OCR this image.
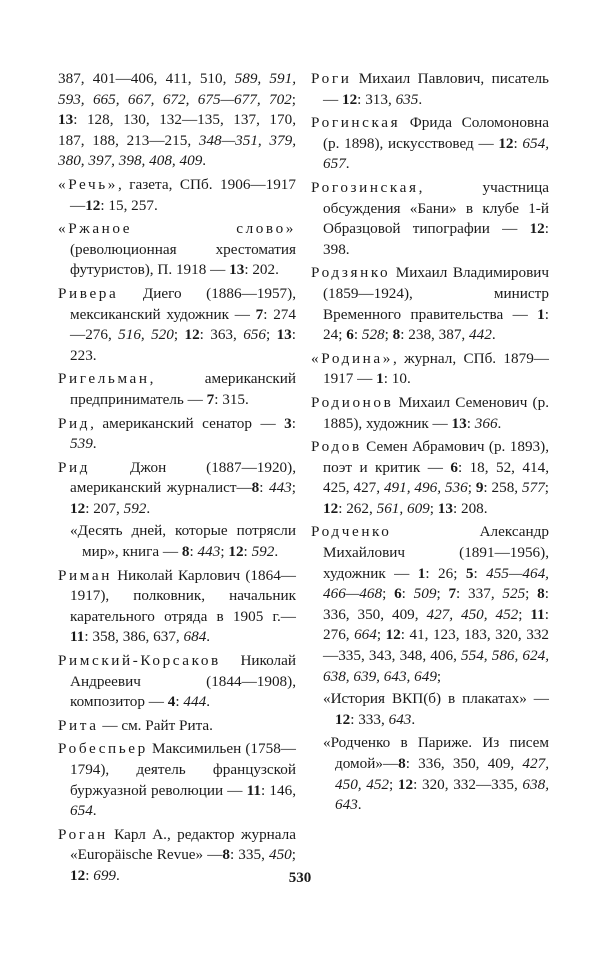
387, 401—406, 411, 510, 589, 591, 593, 665, 667, 672, 675—677, 702; 13: 128, 130, 132—135, 137, 170, 187, 188, 213—215, 348—351, 379, 380, 397, 398, 408, 409.
«Речь», газета, СПб. 1906—1917—12: 15, 257.
«Ржаное слово» (революционная хрестоматия футуристов), П. 1918 — 13: 202.
Ривера Диего (1886—1957), мексиканский художник — 7: 274—276, 516, 520; 12: 363, 656; 13: 223.
Ригельман, американский предприниматель — 7: 315.
Рид, американский сенатор — 3: 539.
Рид Джон (1887—1920), американский журналист—8: 443; 12: 207, 592.
«Десять дней, которые потрясли мир», книга — 8: 443; 12: 592.
Риман Николай Карлович (1864—1917), полковник, начальник карательного отряда в 1905 г.— 11: 358, 386, 637, 684.
Римский-Корсаков Николай Андреевич (1844—1908), композитор — 4: 444.
Рита — см. Райт Рита.
Робеспьер Максимильен (1758—1794), деятель французской буржуазной революции — 11: 146, 654.
Роган Карл А., редактор журнала «Europäische Revue» —8: 335, 450; 12: 699.
Роги Михаил Павлович, писатель — 12: 313, 635.
Рогинская Фрида Соломоновна (р. 1898), искусствовед — 12: 654, 657.
Рогозинская, участница обсуждения «Бани» в клубе 1-й Образцовой типографии — 12: 398.
Родзянко Михаил Владимирович (1859—1924), министр Временного правительства — 1: 24; 6: 528; 8: 238, 387, 442.
«Родина», журнал, СПб. 1879—1917 — 1: 10.
Родионов Михаил Семенович (р. 1885), художник — 13: 366.
Родов Семен Абрамович (р. 1893), поэт и критик — 6: 18, 52, 414, 425, 427, 491, 496, 536; 9: 258, 577; 12: 262, 561, 609; 13: 208.
Родченко Александр Михайлович (1891—1956), художник — 1: 26; 5: 455—464, 466—468; 6: 509; 7: 337, 525; 8: 336, 350, 409, 427, 450, 452; 11: 276, 664; 12: 41, 123, 183, 320, 332—335, 343, 348, 406, 554, 586, 624, 638, 639, 643, 649;
«История ВКП(б) в плакатах» — 12: 333, 643.
«Родченко в Париже. Из писем домой»—8: 336, 350, 409, 427, 450, 452; 12: 320, 332—335, 638, 643.
530
